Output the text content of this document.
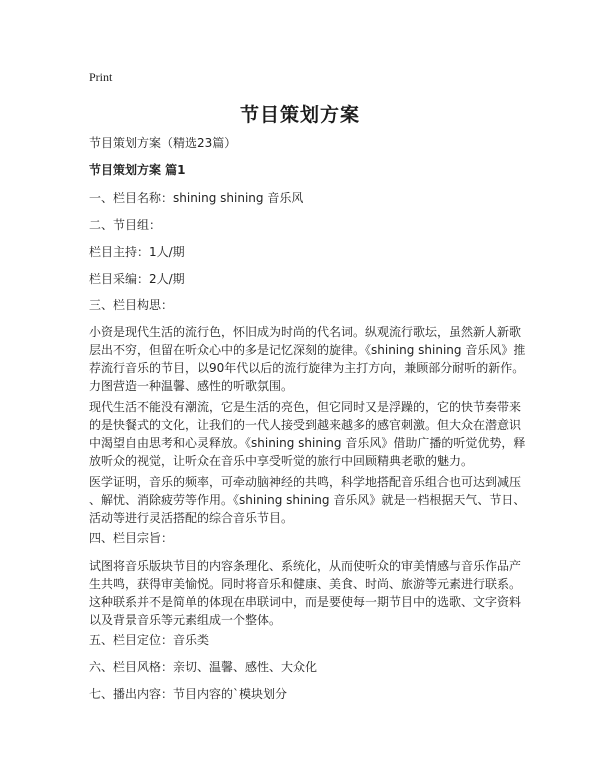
Print
节目策划方案

节目策划方案（精选23篇）

节目策划方案 篇1

一、栏目名称：shining shining 音乐风

二、节目组：

栏目主持：1人/期

栏目采编：2人/期

三、栏目构思：

小资是现代生活的流行色，怀旧成为时尚的代名词。纵观流行歌坛，虽然新人新歌
层出不穷，但留在听众心中的多是记忆深刻的旋律。《shining shining 音乐风》推
荐流行音乐的节目，以90年代以后的流行旋律为主打方向，兼顾部分耐听的新作。
力图营造一种温馨、感性的听歌氛围。
现代生活不能没有潮流，它是生活的亮色，但它同时又是浮躁的，它的快节奏带来
的是快餐式的文化，让我们的一代人接受到越来越多的感官刺激。但大众在潜意识
中渴望自由思考和心灵释放。《shining shining 音乐风》借助广播的听觉优势，释
放听众的视觉，让听众在音乐中享受听觉的旅行中回顾精典老歌的魅力。
医学证明，音乐的频率，可牵动脑神经的共鸣，科学地搭配音乐组合也可达到减压
、解忧、消除疲劳等作用。《shining shining 音乐风》就是一档根据天气、节日、
活动等进行灵活搭配的综合音乐节目。

四、栏目宗旨：

试图将音乐版块节目的内容条理化、系统化，从而使听众的审美情感与音乐作品产
生共鸣，获得审美愉悦。同时将音乐和健康、美食、时尚、旅游等元素进行联系。
这种联系并不是简单的体现在串联词中，而是要使每一期节目中的选歌、文字资料
以及背景音乐等元素组成一个整体。

五、栏目定位：音乐类

六、栏目风格：亲切、温馨、感性、大众化

七、播出内容：节目内容的`模块划分
